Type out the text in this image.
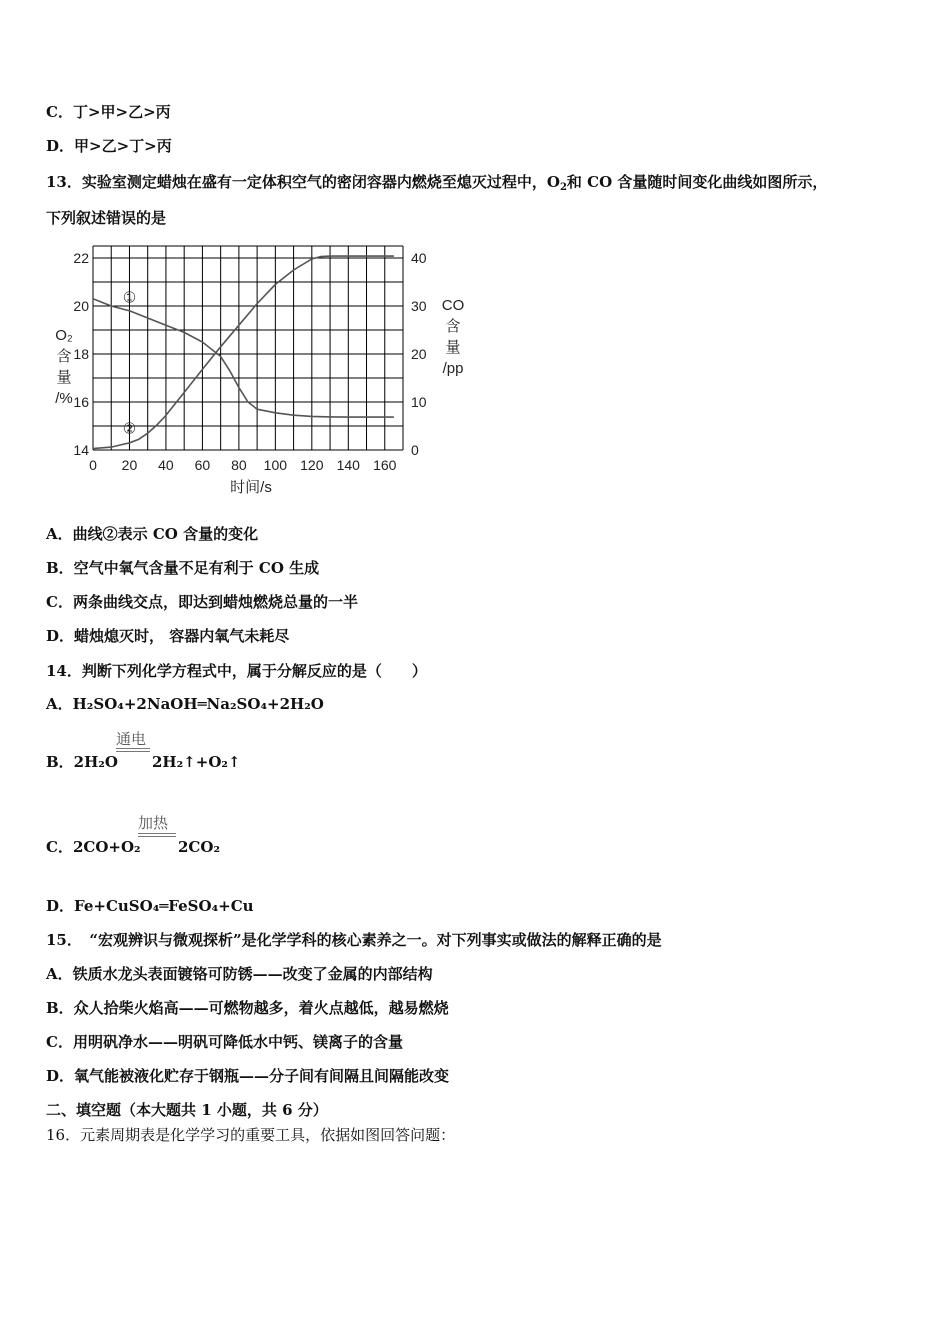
C．丁>甲>乙>丙
D．甲>乙>丁>丙
13．实验室测定蜡烛在盛有一定体积空气的密闭容器内燃烧至熄灭过程中，$O_2$和 CO 含量随时间变化曲线如图所示，
下列叙述错误的是
0 20 40 60 80 100 120 140 160
14
16
18
20
22
0
10
20
30
40
时间/s
O₂
含
量
/%
CO
含
量
/pp
①
②
A．曲线②表示 CO 含量的变化
B．空气中氧气含量不足有利于 CO 生成
C．两条曲线交点，即达到蜡烛燃烧总量的一半
D．蜡烛熄灭时， 容器内氧气未耗尽
14．判断下列化学方程式中，属于分解反应的是（　　）
A．H₂SO₄+2NaOH═Na₂SO₄+2H₂O
B．2H₂O
通电
2H₂↑+O₂↑
C．2CO+O₂
加热
2CO₂
D．Fe+CuSO₄═FeSO₄+Cu
15．　“宏观辨识与微观探析”是化学学科的核心素养之一。对下列事实或做法的解释正确的是
A．铁质水龙头表面镀铬可防锈——改变了金属的内部结构
B．众人拾柴火焰高——可燃物越多，着火点越低，越易燃烧
C．用明矾净水——明矾可降低水中钙、镁离子的含量
D．氧气能被液化贮存于钢瓶——分子间有间隔且间隔能改变
二、填空题（本大题共 1 小题，共 6 分）
16．元素周期表是化学学习的重要工具，依据如图回答问题：
